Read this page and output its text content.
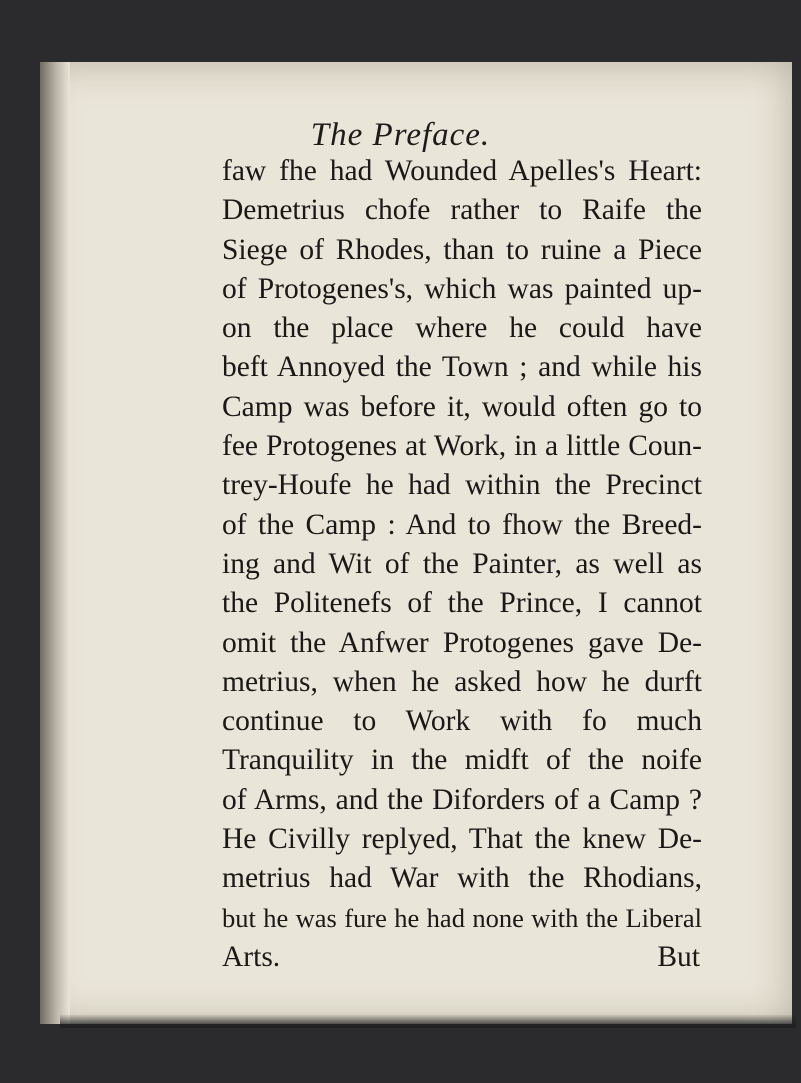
The Preface.
faw fhe had Wounded Apelles's Heart:
Demetrius chofe rather to Raife the
Siege of Rhodes, than to ruine a Piece
of Protogenes's, which was painted up-
on the place where he could have
beft Annoyed the Town ; and while his
Camp was before it, would often go to
fee Protogenes at Work, in a little Coun-
trey-Houfe he had within the Precinct
of the Camp : And to fhow the Breed-
ing and Wit of the Painter, as well as
the Politenefs of the Prince, I cannot
omit the Anfwer Protogenes gave De-
metrius, when he asked how he durft
continue to Work with fo much
Tranquility in the midft of the noife
of Arms, and the Diforders of a Camp ?
He Civilly replyed, That the knew De-
metrius had War with the Rhodians,
but he was fure he had none with the Liberal
Arts.	But
